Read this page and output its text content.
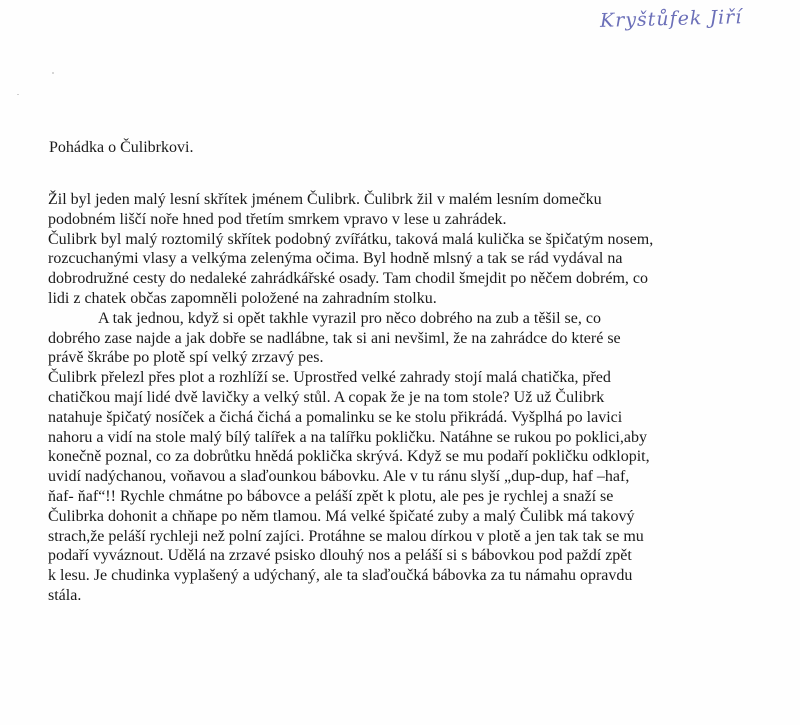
Kryštůfek Jiří
Pohádka o Čulibrkovi.
Žil byl jeden malý lesní skřítek jménem Čulibrk. Čulibrk žil v malém lesním domečku
podobném liščí noře hned pod třetím smrkem vpravo v lese u zahrádek.
Čulibrk byl malý roztomilý skřítek podobný zvířátku, taková malá kulička se špičatým nosem,
rozcuchanými vlasy a velkýma zelenýma očima. Byl hodně mlsný a tak se rád vydával na
dobrodružné cesty do nedaleké zahrádkářské osady. Tam chodil šmejdit po něčem dobrém, co
lidi z chatek občas zapomněli položené na zahradním stolku.
A tak jednou, když si opět takhle vyrazil pro něco dobrého na zub a těšil se, co
dobrého zase najde a jak dobře se nadlábne, tak si ani nevšiml, že na zahrádce do které se
právě škrábe po plotě spí velký zrzavý pes.
Čulibrk přelezl přes plot a rozhlíží se. Uprostřed velké zahrady stojí malá chatička, před
chatičkou mají lidé dvě lavičky a velký stůl. A copak že je na tom stole? Už už Čulibrk
natahuje špičatý nosíček a čichá čichá a pomalinku se ke stolu přikrádá. Vyšplhá po lavici
nahoru a vidí na stole malý bílý talířek a na talířku pokličku. Natáhne se rukou po poklici,aby
konečně poznal, co za dobrůtku hnědá poklička skrývá. Když se mu podaří pokličku odklopit,
uvidí nadýchanou, voňavou a slaďounkou bábovku. Ale v tu ránu slyší „dup-dup, haf –haf,
ňaf- ňaf“!! Rychle chmátne po bábovce a peláší zpět k plotu, ale pes je rychlej a snaží se
Čulibrka dohonit a chňape po něm tlamou. Má velké špičaté zuby a malý Čulibk má takový
strach,že peláší rychleji než polní zajíci. Protáhne se malou dírkou v plotě a jen tak tak se mu
podaří vyváznout. Udělá na zrzavé psisko dlouhý nos a peláší si s bábovkou pod paždí zpět
k lesu. Je chudinka vyplašený a udýchaný, ale ta slaďoučká bábovka za tu námahu opravdu
stála.
